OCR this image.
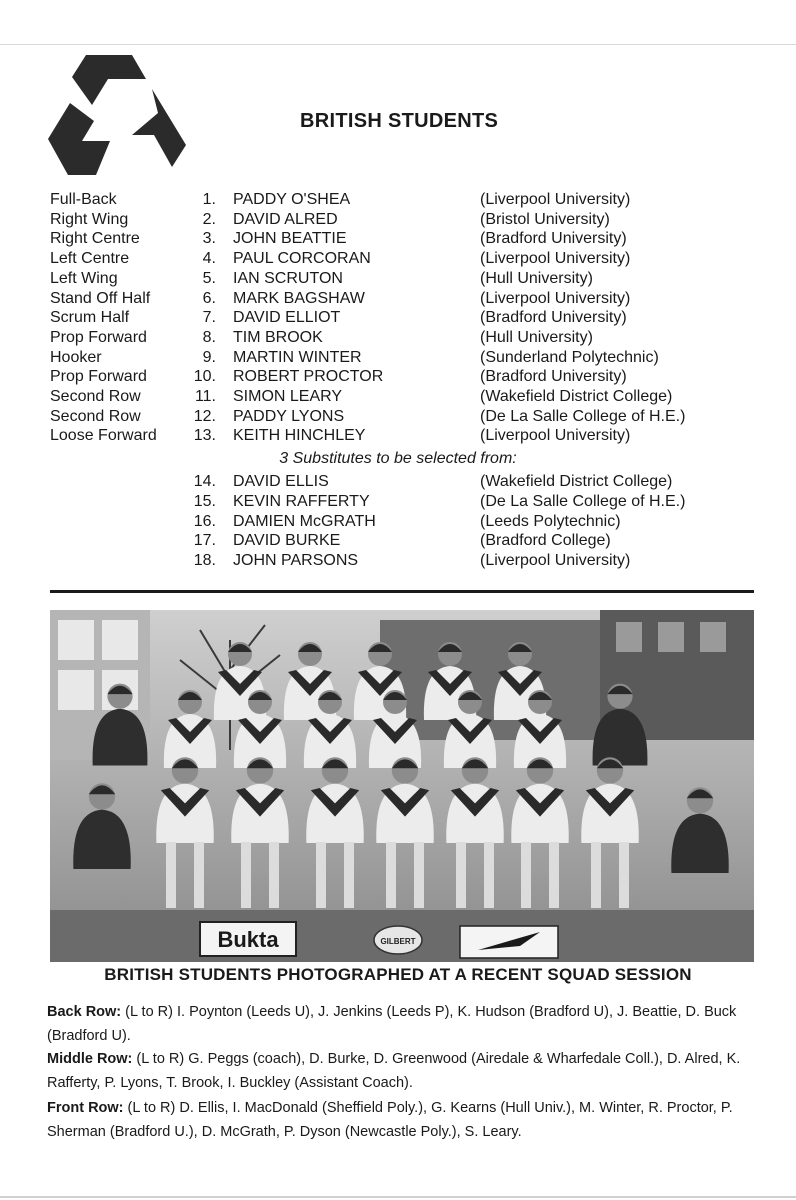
BRITISH STUDENTS
Full-Back	1. PADDY O'SHEA	(Liverpool University)
Right Wing	2. DAVID ALRED	(Bristol University)
Right Centre	3. JOHN BEATTIE	(Bradford University)
Left Centre	4. PAUL CORCORAN	(Liverpool University)
Left Wing	5. IAN SCRUTON	(Hull University)
Stand Off Half	6. MARK BAGSHAW	(Liverpool University)
Scrum Half	7. DAVID ELLIOT	(Bradford University)
Prop Forward	8. TIM BROOK	(Hull University)
Hooker	9. MARTIN WINTER	(Sunderland Polytechnic)
Prop Forward	10. ROBERT PROCTOR	(Bradford University)
Second Row	11. SIMON LEARY	(Wakefield District College)
Second Row	12. PADDY LYONS	(De La Salle College of H.E.)
Loose Forward	13. KEITH HINCHLEY	(Liverpool University)
3 Substitutes to be selected from:
14. DAVID ELLIS	(Wakefield District College)
15. KEVIN RAFFERTY	(De La Salle College of H.E.)
16. DAMIEN McGRATH	(Leeds Polytechnic)
17. DAVID BURKE	(Bradford College)
18. JOHN PARSONS	(Liverpool University)
Bukta	GILBERT
BRITISH STUDENTS PHOTOGRAPHED AT A RECENT SQUAD SESSION
Back Row: (L to R) I. Poynton (Leeds U), J. Jenkins (Leeds P), K. Hudson (Bradford U), J. Beattie, D. Buck (Bradford U).
Middle Row: (L to R) G. Peggs (coach), D. Burke, D. Greenwood (Airedale & Wharfedale Coll.), D. Alred, K. Rafferty, P. Lyons, T. Brook, I. Buckley (Assistant Coach).
Front Row: (L to R) D. Ellis, I. MacDonald (Sheffield Poly.), G. Kearns (Hull Univ.), M. Winter, R. Proctor, P. Sherman (Bradford U.), D. McGrath, P. Dyson (Newcastle Poly.), S. Leary.
